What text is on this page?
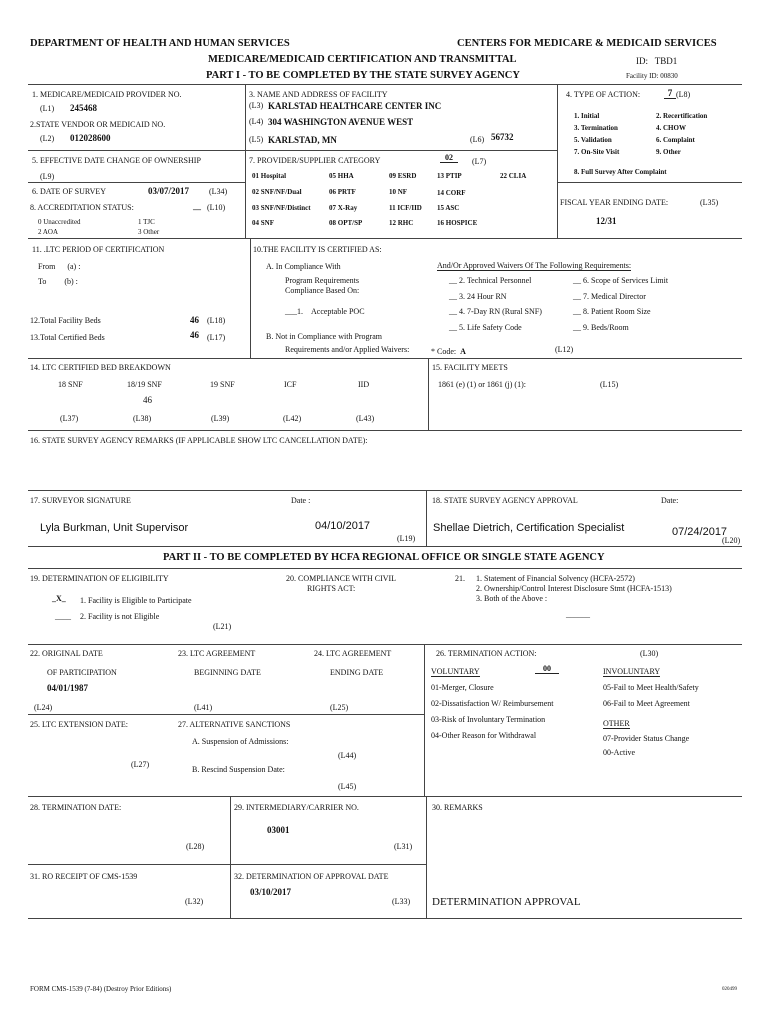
DEPARTMENT OF HEALTH AND HUMAN SERVICES	CENTERS FOR MEDICARE & MEDICAID SERVICES
MEDICARE/MEDICAID CERTIFICATION AND TRANSMITTAL
PART I - TO BE COMPLETED BY THE STATE SURVEY AGENCY
ID: TBD1
Facility ID: 00830
1. MEDICARE/MEDICAID PROVIDER NO.
(L1) 245468
2.STATE VENDOR OR MEDICAID NO.
(L2) 012028600
3. NAME AND ADDRESS OF FACILITY
(L3) KARLSTAD HEALTHCARE CENTER INC
(L4) 304 WASHINGTON AVENUE WEST
(L5) KARLSTAD, MN	(L6) 56732
4. TYPE OF ACTION:	7 (L8)
1. Initial	2. Recertification
3. Termination	4. CHOW
5. Validation	6. Complaint
7. On-Site Visit	9. Other
8. Full Survey After Complaint
5. EFFECTIVE DATE CHANGE OF OWNERSHIP
(L9)
7. PROVIDER/SUPPLIER CATEGORY	02	(L7)
01 Hospital	05 HHA	09 ESRD	13 PTIP	22 CLIA
02 SNF/NF/Dual	06 PRTF	10 NF	14 CORF
03 SNF/NF/Distinct	07 X-Ray	11 ICF/IID 15 ASC
04 SNF	08 OPT/SP	12 RHC	16 HOSPICE
6. DATE OF SURVEY	03/07/2017 (L34)
8. ACCREDITATION STATUS:	__ (L10)
0 Unaccredited	1 TJC
2 AOA	3 Other
FISCAL YEAR ENDING DATE:	(L35)
12/31
11. .LTC PERIOD OF CERTIFICATION
From (a) :
To (b) :
12.Total Facility Beds	46 (L18)
13.Total Certified Beds	46 (L17)
10.THE FACILITY IS CERTIFIED AS:
A. In Compliance With	And/Or Approved Waivers Of The Following Requirements:
Program Requirements
Compliance Based On:
___1. Acceptable POC
B. Not in Compliance with Program
Requirements and/or Applied Waivers:
__ 2. Technical Personnel	__ 6. Scope of Services Limit
__ 3. 24 Hour RN	__ 7. Medical Director
__ 4. 7-Day RN (Rural SNF)	__ 8. Patient Room Size
__ 5. Life Safety Code	__ 9. Beds/Room
* Code: A	(L12)
14. LTC CERTIFIED BED BREAKDOWN
18 SNF	18/19 SNF	19 SNF	ICF	IID
46
(L37)	(L38)	(L39)	(L42)	(L43)
15. FACILITY MEETS
1861 (e) (1) or 1861 (j) (1):	(L15)
16. STATE SURVEY AGENCY REMARKS (IF APPLICABLE SHOW LTC CANCELLATION DATE):
17. SURVEYOR SIGNATURE	Date :
Lyla Burkman, Unit Supervisor	04/10/2017
(L19)
18. STATE SURVEY AGENCY APPROVAL	Date:
Shellae Dietrich, Certification Specialist	07/24/2017
(L20)
PART II - TO BE COMPLETED BY HCFA REGIONAL OFFICE OR SINGLE STATE AGENCY
19. DETERMINATION OF ELIGIBILITY
_X_ 1. Facility is Eligible to Participate
____ 2. Facility is not Eligible
(L21)
20. COMPLIANCE WITH CIVIL
RIGHTS ACT:
21. 1. Statement of Financial Solvency (HCFA-2572)
2. Ownership/Control Interest Disclosure Stmt (HCFA-1513)
3. Both of the Above :
______
22. ORIGINAL DATE
OF PARTICIPATION
04/01/1987
23. LTC AGREEMENT
BEGINNING DATE
24. LTC AGREEMENT
ENDING DATE
(L24)	(L41)	(L25)
25. LTC EXTENSION DATE:
(L27)
27. ALTERNATIVE SANCTIONS
A. Suspension of Admissions:
(L44)
B. Rescind Suspension Date:
(L45)
26. TERMINATION ACTION:	(L30)
VOLUNTARY	00	INVOLUNTARY
01-Merger, Closure
02-Dissatisfaction W/ Reimbursement
03-Risk of Involuntary Termination
04-Other Reason for Withdrawal
05-Fail to Meet Health/Safety
06-Fail to Meet Agreement
OTHER
07-Provider Status Change
00-Active
28. TERMINATION DATE:	29. INTERMEDIARY/CARRIER NO.
03001
(L28)	(L31)
30. REMARKS
31. RO RECEIPT OF CMS-1539
(L32)
32. DETERMINATION OF APPROVAL DATE
03/10/2017
(L33) DETERMINATION APPROVAL
FORM CMS-1539 (7-84) (Destroy Prior Editions)	020499
